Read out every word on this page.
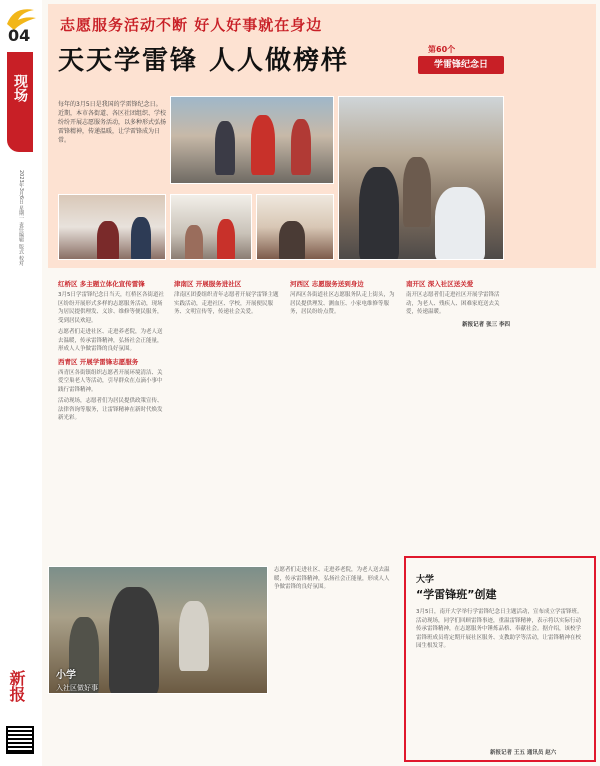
04
现场
2023年3月6日 星期一 责任编辑 版式 校对
新报
志愿服务活动不断 好人好事就在身边
天天学雷锋 人人做榜样	第60个
学雷锋纪念日
每年的3月5日是我国的学雷锋纪念日。近期，本市各街道、各区社团组织、学校纷纷开展志愿服务活动，以多种形式弘扬雷锋精神，传递温暖，让学雷锋成为日常。
红桥区 多主题立体化宣传雷锋
3月5日学雷锋纪念日当天，红桥区各街道社区纷纷开展形式多样的志愿服务活动，现场为居民提供理发、义诊、维修等便民服务，受到居民欢迎。
志愿者们走进社区、走进养老院，为老人送去温暖，传承雷锋精神，弘扬社会正能量，形成人人争做雷锋的良好氛围。
西青区 开展学雷锋志愿服务
西青区各街镇组织志愿者开展环境清洁、关爱空巢老人等活动，引导群众在点滴小事中践行雷锋精神。
活动现场，志愿者们为居民提供政策宣传、法律咨询等服务，让雷锋精神在新时代焕发新光彩。
津南区 开展服务进社区
津南区团委组织青年志愿者开展学雷锋主题实践活动，走进社区、学校，开展便民服务、文明宣传等，传递社会关爱。
河西区 志愿服务送到身边
河西区各街道社区志愿服务队走上街头，为居民提供理发、测血压、小家电维修等服务，居民纷纷点赞。
南开区 深入社区送关爱
南开区志愿者们走进社区开展学雷锋活动，为老人、残疾人、困难家庭送去关爱，传递温暖。
新报记者 张三 李四
小学
入社区做好事
志愿者们走进社区、走进养老院，为老人送去温暖，传承雷锋精神，弘扬社会正能量，形成人人争做雷锋的良好氛围。
大学
“学雷锋班”创建
3月5日，南开大学举行学雷锋纪念日主题活动，宣布成立学雷锋班。活动现场，同学们回顾雷锋事迹，重温雷锋精神，表示将以实际行动传承雷锋精神，在志愿服务中锤炼品格、奉献社会。据介绍，该校学雷锋班成员将定期开展社区服务、支教助学等活动，让雷锋精神在校园生根发芽。
新报记者 王五 通讯员 赵六
